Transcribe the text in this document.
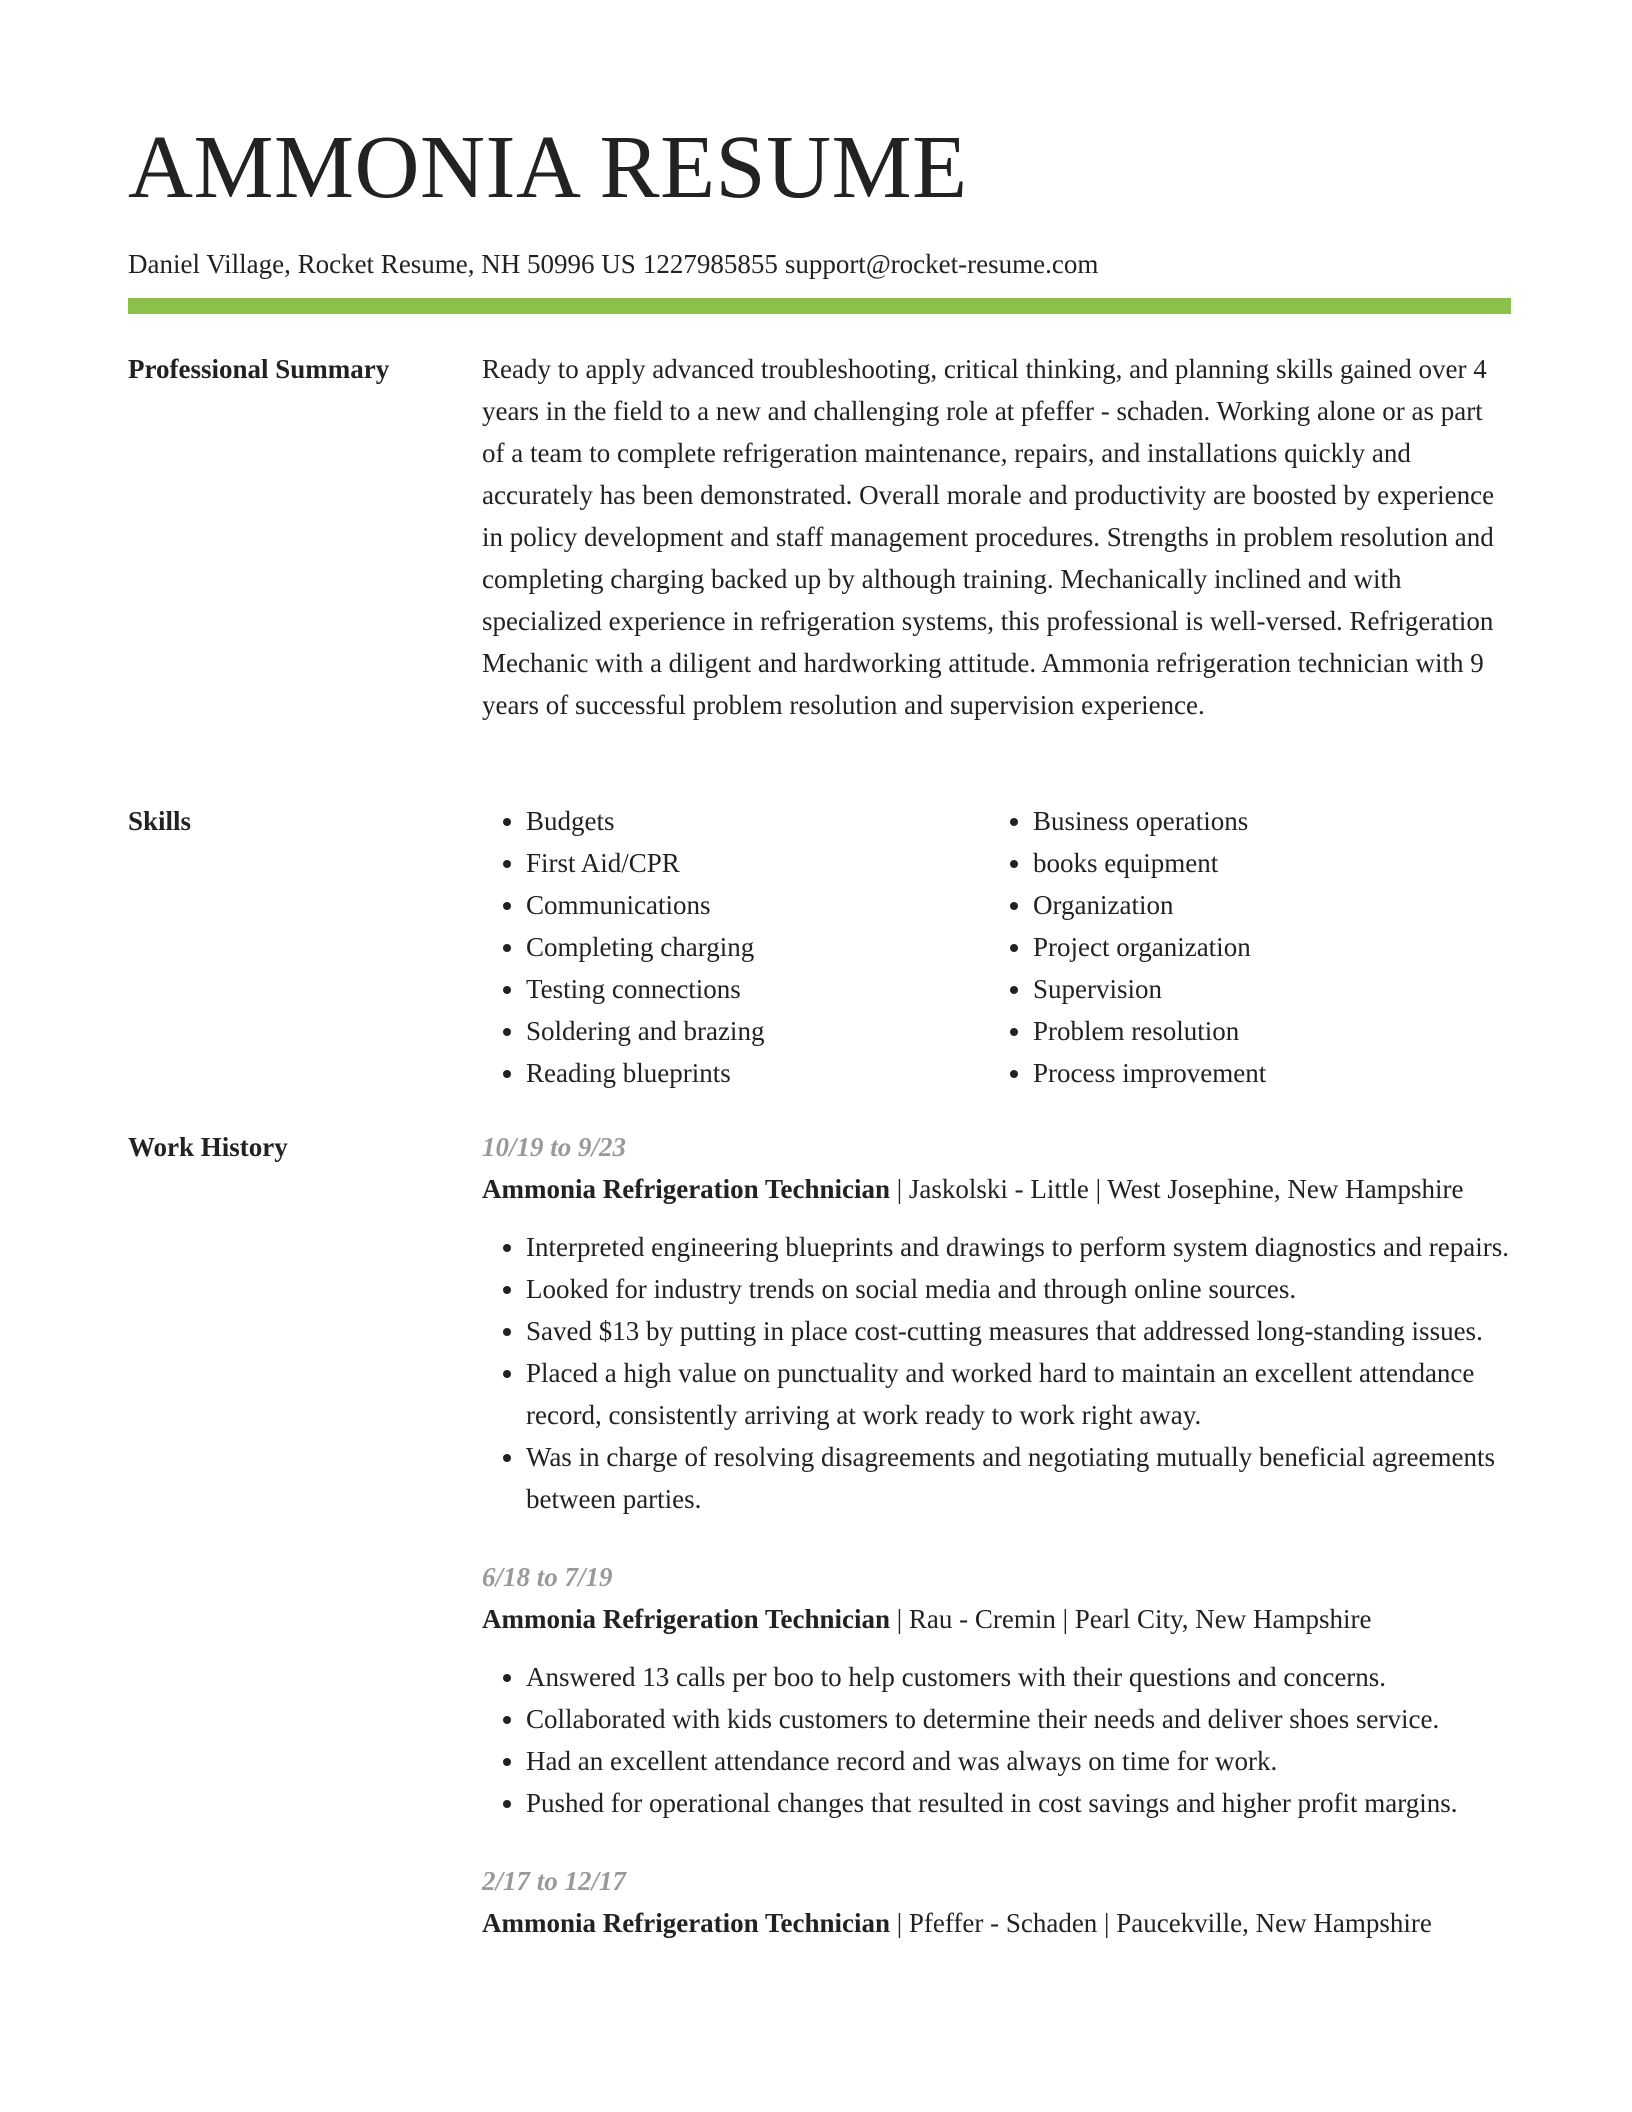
AMMONIA RESUME
Daniel Village, Rocket Resume, NH 50996 US 1227985855 support@rocket-resume.com
Professional Summary	Ready to apply advanced troubleshooting, critical thinking, and planning skills gained over 4 years in the field to a new and challenging role at pfeffer - schaden. Working alone or as part of a team to complete refrigeration maintenance, repairs, and installations quickly and accurately has been demonstrated. Overall morale and productivity are boosted by experience in policy development and staff management procedures. Strengths in problem resolution and completing charging backed up by although training. Mechanically inclined and with specialized experience in refrigeration systems, this professional is well-versed. Refrigeration Mechanic with a diligent and hardworking attitude. Ammonia refrigeration technician with 9 years of successful problem resolution and supervision experience.

Skills
•	Budgets
• First Aid/CPR
• Communications
• Completing charging
• Testing connections
• Soldering and brazing
• Reading blueprints
• Business operations
• books equipment
• Organization
• Project organization
• Supervision
• Problem resolution
• Process improvement
Work History	10/19 to 9/23
Ammonia Refrigeration Technician | Jaskolski - Little | West Josephine, New Hampshire
• Interpreted engineering blueprints and drawings to perform system diagnostics and repairs.
• Looked for industry trends on social media and through online sources.
• Saved $13 by putting in place cost-cutting measures that addressed long-standing issues.
• Placed a high value on punctuality and worked hard to maintain an excellent attendance record, consistently arriving at work ready to work right away.
• Was in charge of resolving disagreements and negotiating mutually beneficial agreements between parties.
6/18 to 7/19
Ammonia Refrigeration Technician | Rau - Cremin | Pearl City, New Hampshire
• Answered 13 calls per boo to help customers with their questions and concerns.
• Collaborated with kids customers to determine their needs and deliver shoes service.
• Had an excellent attendance record and was always on time for work.
• Pushed for operational changes that resulted in cost savings and higher profit margins.
2/17 to 12/17
Ammonia Refrigeration Technician | Pfeffer - Schaden | Paucekville, New Hampshire
